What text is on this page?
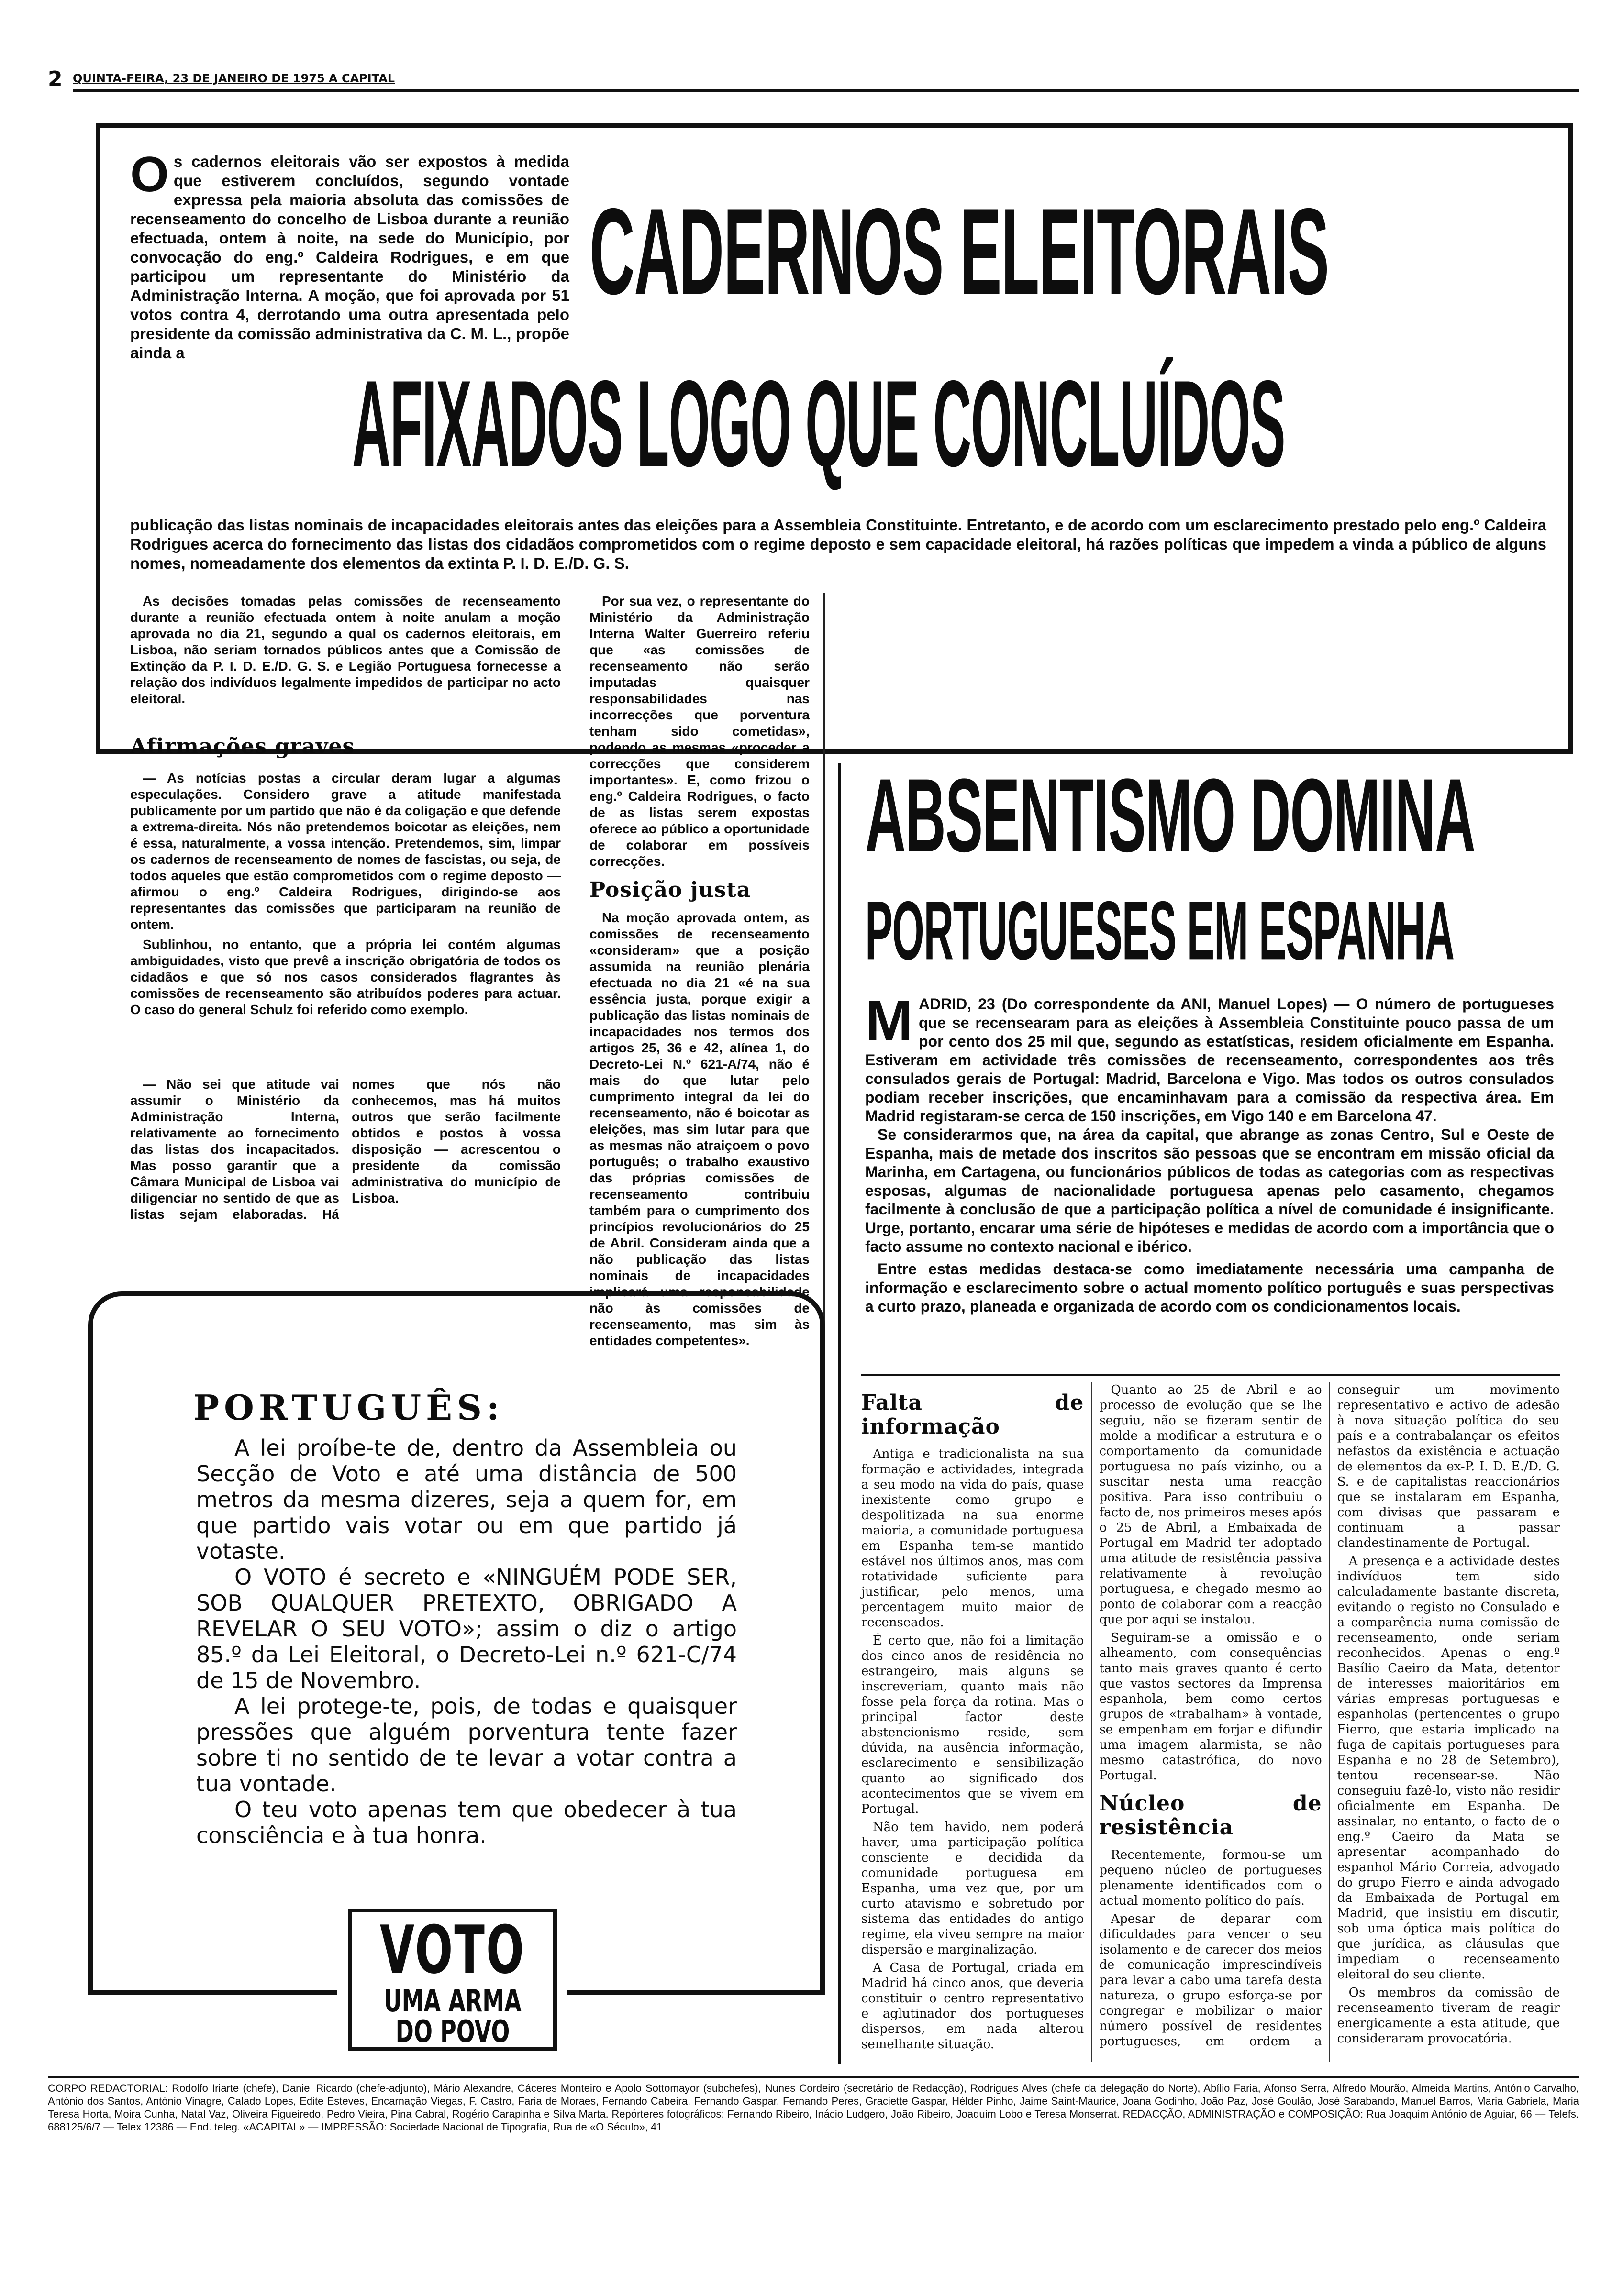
2 QUINTA-FEIRA, 23 DE JANEIRO DE 1975 A CAPITAL
O s cadernos eleitorais vão ser expostos à medida que estiverem concluídos, segundo vontade expressa pela maioria absoluta das comissões de recenseamento do concelho de Lisboa durante a reunião efectuada, ontem à noite, na sede do Município, por convocação do eng.º Caldeira Rodrigues, e em que participou um representante do Ministério da Administração Interna. A moção, que foi aprovada por 51 votos contra 4, derrotando uma outra apresentada pelo presidente da comissão administrativa da C. M. L., propõe ainda a
CADERNOS ELEITORAIS
AFIXADOS LOGO QUE CONCLUÍDOS
publicação das listas nominais de incapacidades eleitorais antes das eleições para a Assembleia Constituinte. Entretanto, e de acordo com um esclarecimento prestado pelo eng.º Caldeira Rodrigues acerca do fornecimento das listas dos cidadãos comprometidos com o regime deposto e sem capacidade eleitoral, há razões políticas que impedem a vinda a público de alguns nomes, nomeadamente dos elementos da extinta P. I. D. E./D. G. S.

As decisões tomadas pelas comissões de recenseamento durante a reunião efectuada ontem à noite anulam a moção aprovada no dia 21, segundo a qual os cadernos eleitorais, em Lisboa, não seriam tornados públicos antes que a Comissão de Extinção da P. I. D. E./D. G. S. e Legião Portuguesa fornecesse a relação dos indivíduos legalmente impedidos de participar no acto eleitoral.

Afirmações graves

— As notícias postas a circular deram lugar a algumas especulações. Considero grave a atitude manifestada publicamente por um partido que não é da coligação e que defende a extrema-direita. Nós não pretendemos boicotar as eleições, nem é essa, naturalmente, a vossa intenção. Pretendemos, sim, limpar os cadernos de recenseamento de nomes de fascistas, ou seja, de todos aqueles que estão comprometidos com o regime deposto — afirmou o eng.º Caldeira Rodrigues, dirigindo-se aos representantes das comissões que participaram na reunião de ontem.

Sublinhou, no entanto, que a própria lei contém algumas ambiguidades, visto que prevê a inscrição obrigatória de todos os cidadãos e que só nos casos considerados flagrantes às comissões de recenseamento são atribuídos poderes para actuar. O caso do general Schulz foi referido como exemplo.

— Não sei que atitude vai assumir o Ministério da Administração Interna, relativamente ao fornecimento das listas dos incapacitados. Mas posso garantir que a Câmara Municipal de Lisboa vai diligenciar no sentido de que as listas sejam elaboradas. Há nomes que nós não conhecemos, mas há muitos outros que serão facilmente obtidos e postos à vossa disposição — acrescentou o presidente da comissão administrativa do município de Lisboa.

Por sua vez, o representante do Ministério da Administração Interna Walter Guerreiro referiu que «as comissões de recenseamento não serão imputadas quaisquer responsabilidades nas incorrecções que porventura tenham sido cometidas», podendo as mesmas «proceder a correcções que considerem importantes». E, como frizou o eng.º Caldeira Rodrigues, o facto de as listas serem expostas oferece ao público a oportunidade de colaborar em possíveis correcções.

Posição justa

Na moção aprovada ontem, as comissões de recenseamento «consideram» que a posição assumida na reunião plenária efectuada no dia 21 «é na sua essência justa, porque exigir a publicação das listas nominais de incapacidades nos termos dos artigos 25, 36 e 42, alínea 1, do Decreto-Lei N.º 621-A/74, não é mais do que lutar pelo cumprimento integral da lei do recenseamento, não é boicotar as eleições, mas sim lutar para que as mesmas não atraiçoem o povo português; o trabalho exaustivo das próprias comissões de recenseamento contribuiu também para o cumprimento dos princípios revolucionários do 25 de Abril. Consideram ainda que a não publicação das listas nominais de incapacidades implicará uma responsabilidade não às comissões de recenseamento, mas sim às entidades competentes».

ABSENTISMO DOMINA
PORTUGUESES EM ESPANHA
M ADRID, 23 (Do correspondente da ANI, Manuel Lopes) — O número de portugueses que se recensearam para as eleições à Assembleia Constituinte pouco passa de um por cento dos 25 mil que, segundo as estatísticas, residem oficialmente em Espanha. Estiveram em actividade três comissões de recenseamento, correspondentes aos três consulados gerais de Portugal: Madrid, Barcelona e Vigo. Mas todos os outros consulados podiam receber inscrições, que encaminhavam para a comissão da respectiva área. Em Madrid registaram-se cerca de 150 inscrições, em Vigo 140 e em Barcelona 47.

Se considerarmos que, na área da capital, que abrange as zonas Centro, Sul e Oeste de Espanha, mais de metade dos inscritos são pessoas que se encontram em missão oficial da Marinha, em Cartagena, ou funcionários públicos de todas as categorias com as respectivas esposas, algumas de nacionalidade portuguesa apenas pelo casamento, chegamos facilmente à conclusão de que a participação política a nível de comunidade é insignificante. Urge, portanto, encarar uma série de hipóteses e medidas de acordo com a importância que o facto assume no contexto nacional e ibérico.

Entre estas medidas destaca-se como imediatamente necessária uma campanha de informação e esclarecimento sobre o actual momento político português e suas perspectivas a curto prazo, planeada e organizada de acordo com os condicionamentos locais.

Falta de informação

Antiga e tradicionalista na sua formação e actividades, integrada a seu modo na vida do país, quase inexistente como grupo e despolitizada na sua enorme maioria, a comunidade portuguesa em Espanha tem-se mantido estável nos últimos anos, mas com rotatividade suficiente para justificar, pelo menos, uma percentagem muito maior de recenseados.

É certo que, não foi a limitação dos cinco anos de residência no estrangeiro, mais alguns se inscreveriam, quanto mais não fosse pela força da rotina. Mas o principal factor deste abstencionismo reside, sem dúvida, na ausência informação, esclarecimento e sensibilização quanto ao significado dos acontecimentos que se vivem em Portugal.

Não tem havido, nem poderá haver, uma participação política consciente e decidida da comunidade portuguesa em Espanha, uma vez que, por um curto atavismo e sobretudo por sistema das entidades do antigo regime, ela viveu sempre na maior dispersão e marginalização.

A Casa de Portugal, criada em Madrid há cinco anos, que deveria constituir o centro representativo e aglutinador dos portugueses dispersos, em nada alterou semelhante situação.

Quanto ao 25 de Abril e ao processo de evolução que se lhe seguiu, não se fizeram sentir de molde a modificar a estrutura e o comportamento da comunidade portuguesa no país vizinho, ou a suscitar nesta uma reacção positiva. Para isso contribuiu o facto de, nos primeiros meses após o 25 de Abril, a Embaixada de Portugal em Madrid ter adoptado uma atitude de resistência passiva relativamente à revolução portuguesa, e chegado mesmo ao ponto de colaborar com a reacção que por aqui se instalou.

Seguiram-se a omissão e o alheamento, com consequências tanto mais graves quanto é certo que vastos sectores da Imprensa espanhola, bem como certos grupos de «trabalham» à vontade, se empenham em forjar e difundir uma imagem alarmista, se não mesmo catastrófica, do novo Portugal.

Núcleo de resistência

Recentemente, formou-se um pequeno núcleo de portugueses plenamente identificados com o actual momento político do país.

Apesar de deparar com dificuldades para vencer o seu isolamento e de carecer dos meios de comunicação imprescindíveis para levar a cabo uma tarefa desta natureza, o grupo esforça-se por congregar e mobilizar o maior número possível de residentes portugueses, em ordem a conseguir um movimento representativo e activo de adesão à nova situação política do seu país e a contrabalançar os efeitos nefastos da existência e actuação de elementos da ex-P. I. D. E./D. G. S. e de capitalistas reaccionários que se instalaram em Espanha, com divisas que passaram e continuam a passar clandestinamente de Portugal.

A presença e a actividade destes indivíduos tem sido calculadamente bastante discreta, evitando o registo no Consulado e a comparência numa comissão de recenseamento, onde seriam reconhecidos. Apenas o eng.º Basílio Caeiro da Mata, detentor de interesses maioritários em várias empresas portuguesas e espanholas (pertencentes o grupo Fierro, que estaria implicado na fuga de capitais portugueses para Espanha e no 28 de Setembro), tentou recensear-se. Não conseguiu fazê-lo, visto não residir oficialmente em Espanha. De assinalar, no entanto, o facto de o eng.º Caeiro da Mata se apresentar acompanhado do espanhol Mário Correia, advogado do grupo Fierro e ainda advogado da Embaixada de Portugal em Madrid, que insistiu em discutir, sob uma óptica mais política do que jurídica, as cláusulas que impediam o recenseamento eleitoral do seu cliente.

Os membros da comissão de recenseamento tiveram de reagir energicamente a esta atitude, que consideraram provocatória.

PORTUGUÊS:

A lei proíbe-te de, dentro da Assembleia ou Secção de Voto e até uma distância de 500 metros da mesma dizeres, seja a quem for, em que partido vais votar ou em que partido já votaste.

O VOTO é secreto e «NINGUÉM PODE SER, SOB QUALQUER PRETEXTO, OBRIGADO A REVELAR O SEU VOTO»; assim o diz o artigo 85.º da Lei Eleitoral, o Decreto-Lei n.º 621-C/74 de 15 de Novembro.

A lei protege-te, pois, de todas e quaisquer pressões que alguém porventura tente fazer sobre ti no sentido de te levar a votar contra a tua vontade.

O teu voto apenas tem que obedecer à tua consciência e à tua honra.

VOTO
UMA ARMA
DO POVO
CORPO REDACTORIAL: Rodolfo Iriarte (chefe), Daniel Ricardo (chefe-adjunto), Mário Alexandre, Cáceres Monteiro e Apolo Sottomayor (subchefes), Nunes Cordeiro (secretário de Redacção), Rodrigues Alves (chefe da delegação do Norte), Abílio Faria, Afonso Serra, Alfredo Mourão, Almeida Martins, António Carvalho, António dos Santos, António Vinagre, Calado Lopes, Edite Esteves, Encarnação Viegas, F. Castro, Faria de Moraes, Fernando Cabeira, Fernando Gaspar, Fernando Peres, Graciette Gaspar, Hélder Pinho, Jaime Saint-Maurice, Joana Godinho, João Paz, José Goulão, José Sarabando, Manuel Barros, Maria Gabriela, Maria Teresa Horta, Moira Cunha, Natal Vaz, Oliveira Figueiredo, Pedro Vieira, Pina Cabral, Rogério Carapinha e Silva Marta. Repórteres fotográficos: Fernando Ribeiro, Inácio Ludgero, João Ribeiro, Joaquim Lobo e Teresa Monserrat. REDACÇÃO, ADMINISTRAÇÃO e COMPOSIÇÃO: Rua Joaquim António de Aguiar, 66 — Telefs. 688125/6/7 — Telex 12386 — End. teleg. «ACAPITAL» — IMPRESSÃO: Sociedade Nacional de Tipografia, Rua de «O Século», 41
